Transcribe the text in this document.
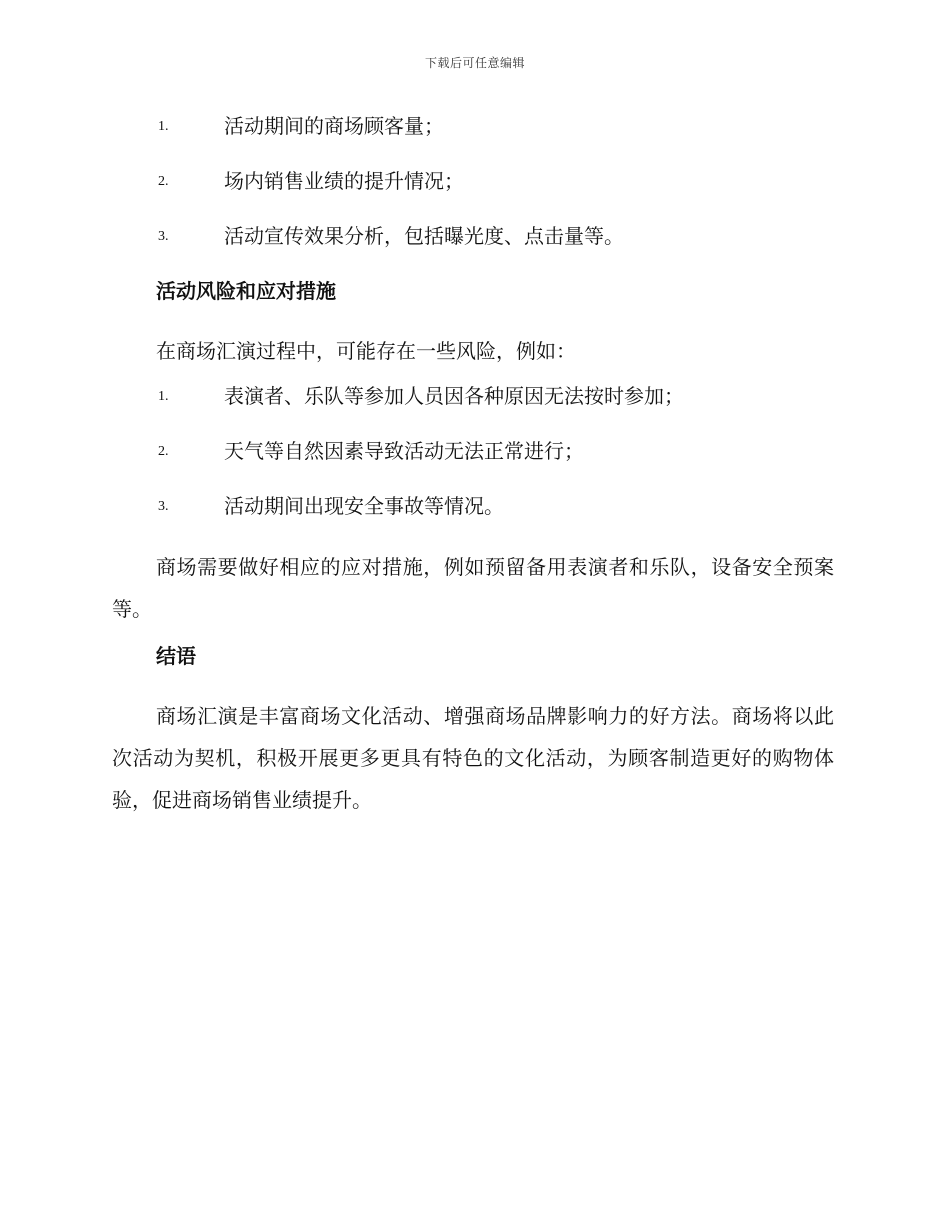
下载后可任意编辑
1.	活动期间的商场顾客量；
2.	场内销售业绩的提升情况；
3.	活动宣传效果分析，包括曝光度、点击量等。
活动风险和应对措施

在商场汇演过程中，可能存在一些风险，例如：

1.	表演者、乐队等参加人员因各种原因无法按时参加；
2.	天气等自然因素导致活动无法正常进行；
3.	活动期间出现安全事故等情况。

商场需要做好相应的应对措施，例如预留备用表演者和乐队，设备安全预案等。

结语

商场汇演是丰富商场文化活动、增强商场品牌影响力的好方法。商场将以此次活动为契机，积极开展更多更具有特色的文化活动，为顾客制造更好的购物体验，促进商场销售业绩提升。
